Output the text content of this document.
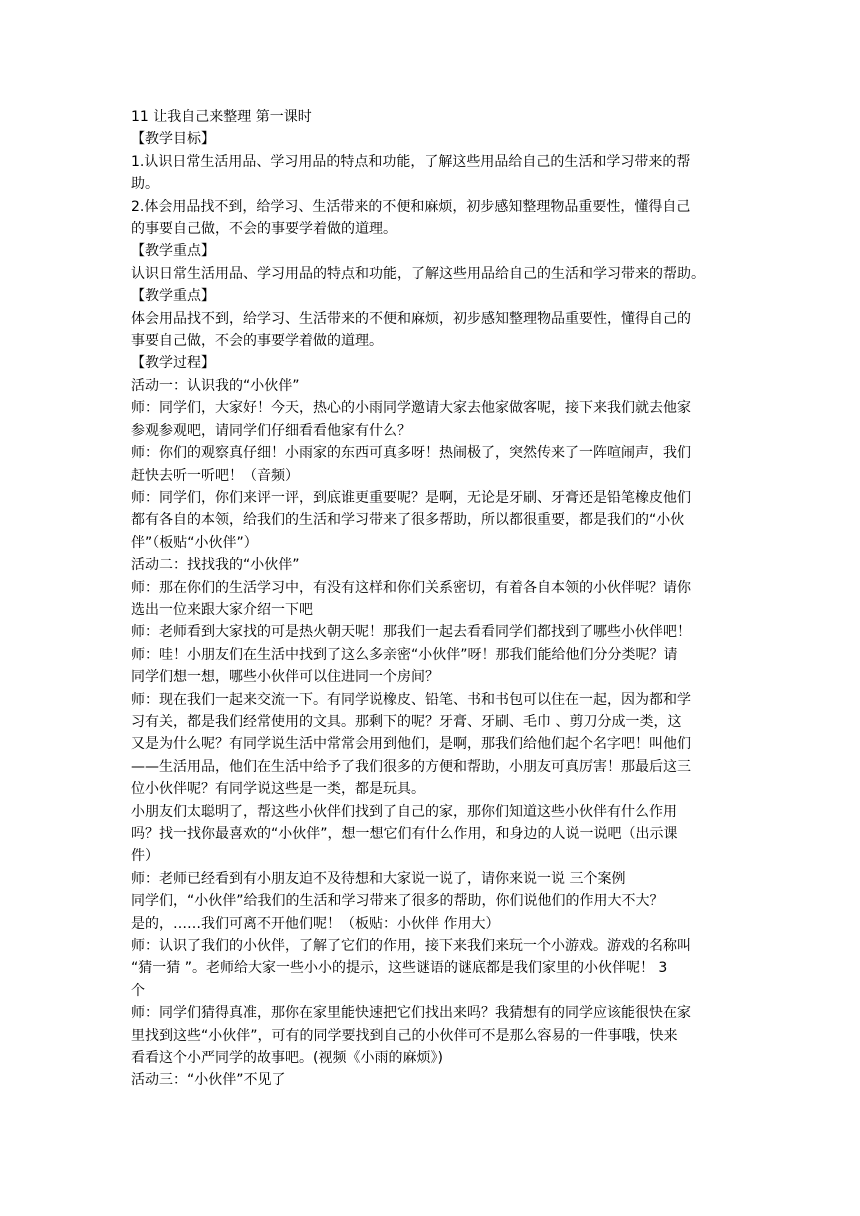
11 让我自己来整理 第一课时
【教学目标】
1.认识日常生活用品、学习用品的特点和功能，了解这些用品给自己的生活和学习带来的帮
助。
2.体会用品找不到，给学习、生活带来的不便和麻烦，初步感知整理物品重要性，懂得自己
的事要自己做，不会的事要学着做的道理。
【教学重点】
认识日常生活用品、学习用品的特点和功能，了解这些用品给自己的生活和学习带来的帮助。
【教学重点】
体会用品找不到，给学习、生活带来的不便和麻烦，初步感知整理物品重要性，懂得自己的
事要自己做，不会的事要学着做的道理。
【教学过程】
活动一：认识我的“小伙伴”
师：同学们，大家好！今天，热心的小雨同学邀请大家去他家做客呢，接下来我们就去他家
参观参观吧，请同学们仔细看看他家有什么？
师：你们的观察真仔细！小雨家的东西可真多呀！热闹极了，突然传来了一阵喧闹声，我们
赶快去听一听吧！（音频）
师：同学们，你们来评一评，到底谁更重要呢？是啊，无论是牙刷、牙膏还是铅笔橡皮他们
都有各自的本领，给我们的生活和学习带来了很多帮助，所以都很重要，都是我们的“小伙
伴”（板贴“小伙伴”）
活动二：找找我的“小伙伴”
师：那在你们的生活学习中，有没有这样和你们关系密切，有着各自本领的小伙伴呢？请你
选出一位来跟大家介绍一下吧
师：老师看到大家找的可是热火朝天呢！那我们一起去看看同学们都找到了哪些小伙伴吧！
师：哇！小朋友们在生活中找到了这么多亲密“小伙伴”呀！那我们能给他们分分类呢？请
同学们想一想，哪些小伙伴可以住进同一个房间？
师：现在我们一起来交流一下。有同学说橡皮、铅笔、书和书包可以住在一起，因为都和学
习有关，都是我们经常使用的文具。那剩下的呢？牙膏、牙刷、毛巾 、剪刀分成一类，这
又是为什么呢？有同学说生活中常常会用到他们，是啊，那我们给他们起个名字吧！叫他们
——生活用品，他们在生活中给予了我们很多的方便和帮助，小朋友可真厉害！那最后这三
位小伙伴呢？有同学说这些是一类，都是玩具。
小朋友们太聪明了，帮这些小伙伴们找到了自己的家，那你们知道这些小伙伴有什么作用
吗？找一找你最喜欢的“小伙伴”，想一想它们有什么作用，和身边的人说一说吧（出示课
件）
师：老师已经看到有小朋友迫不及待想和大家说一说了，请你来说一说 三个案例
同学们，“小伙伴”给我们的生活和学习带来了很多的帮助，你们说他们的作用大不大？
是的，……我们可离不开他们呢！（板贴：小伙伴 作用大）
师：认识了我们的小伙伴，了解了它们的作用，接下来我们来玩一个小游戏。游戏的名称叫
“猜一猜 ”。老师给大家一些小小的提示，这些谜语的谜底都是我们家里的小伙伴呢！ 3
个
师：同学们猜得真准，那你在家里能快速把它们找出来吗？我猜想有的同学应该能很快在家
里找到这些“小伙伴”，可有的同学要找到自己的小伙伴可不是那么容易的一件事哦，快来
看看这个小严同学的故事吧。(视频《小雨的麻烦》)
活动三：“小伙伴”不见了
